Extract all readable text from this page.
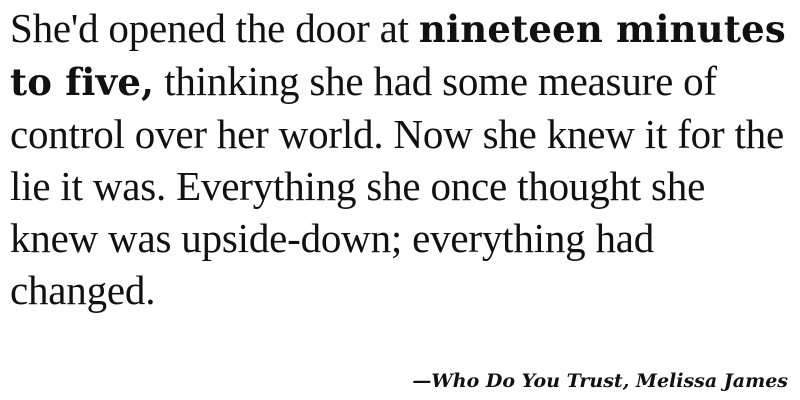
She'd opened the door at nineteen minutes to five, thinking she had some measure of control over her world. Now she knew it for the lie it was. Everything she once thought she knew was upside-down; everything had changed.

—Who Do You Trust, Melissa James
